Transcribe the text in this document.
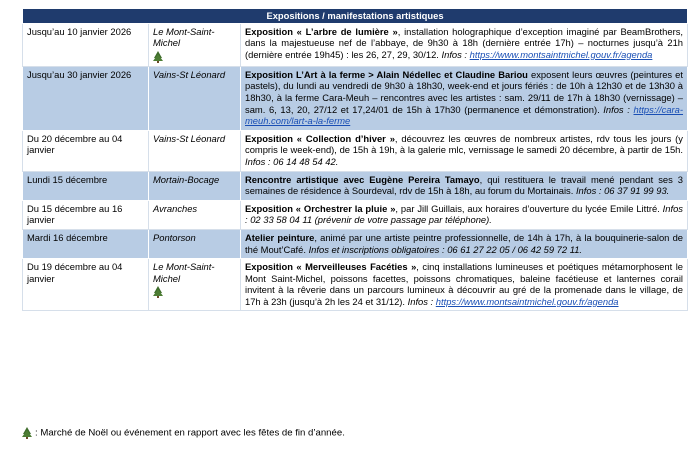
Expositions / manifestations artistiques		
Jusqu’au 10 janvier 2026	Le Mont-Saint-Michel	Exposition « L’arbre de lumière », installation holographique d’exception imaginé par BeamBrothers, dans la majestueuse nef de l’abbaye, de 9h30 à 18h (dernière entrée 17h) – nocturnes jusqu’à 21h (dernière entrée 19h45) : les 26, 27, 29, 30/12. Infos : https://www.montsaintmichel.gouv.fr/agenda
Jusqu’au 30 janvier 2026	Vains-St Léonard	Exposition L’Art à la ferme > Alain Nédellec et Claudine Bariou exposent leurs œuvres (peintures et pastels), du lundi au vendredi de 9h30 à 18h30, week-end et jours fériés : de 10h à 12h30 et de 13h30 à 18h30, à la ferme Cara-Meuh – rencontres avec les artistes : sam. 29/11 de 17h à 18h30 (vernissage) – sam. 6, 13, 20, 27/12 et 17,24/01 de 15h à 17h30 (permanence et démonstration). Infos : https://cara-meuh.com/lart-a-la-ferme
Du 20 décembre au 04 janvier	Vains-St Léonard	Exposition « Collection d’hiver », découvrez les œuvres de nombreux artistes, rdv tous les jours (y compris le week-end), de 15h à 19h, à la galerie mlc, vernissage le samedi 20 décembre, à partir de 15h. Infos : 06 14 48 54 42.
Lundi 15 décembre	Mortain-Bocage	Rencontre artistique avec Eugène Pereira Tamayo, qui restituera le travail mené pendant ses 3 semaines de résidence à Sourdeval, rdv de 15h à 18h, au forum du Mortainais. Infos : 06 37 91 99 93.
Du 15 décembre au 16 janvier	Avranches	Exposition « Orchestrer la pluie », par Jill Guillais, aux horaires d’ouverture du lycée Emile Littré. Infos : 02 33 58 04 11 (prévenir de votre passage par téléphone).
Mardi 16 décembre	Pontorson	Atelier peinture, animé par une artiste peintre professionnelle, de 14h à 17h, à la bouquinerie-salon de thé Mout’Café. Infos et inscriptions obligatoires : 06 61 27 22 05 / 06 42 59 72 11.
Du 19 décembre au 04 janvier	Le Mont-Saint-Michel	Exposition « Merveilleuses Facéties », cinq installations lumineuses et poétiques métamorphosent le Mont Saint-Michel, poissons facettes, poissons chromatiques, baleine facétieuse et lanternes corail invitent à la rêverie dans un parcours lumineux à découvrir au gré de la promenade dans le village, de 17h à 23h (jusqu’à 2h les 24 et 31/12). Infos : https://www.montsaintmichel.gouv.fr/agenda
: Marché de Noël ou événement en rapport avec les fêtes de fin d’année.
